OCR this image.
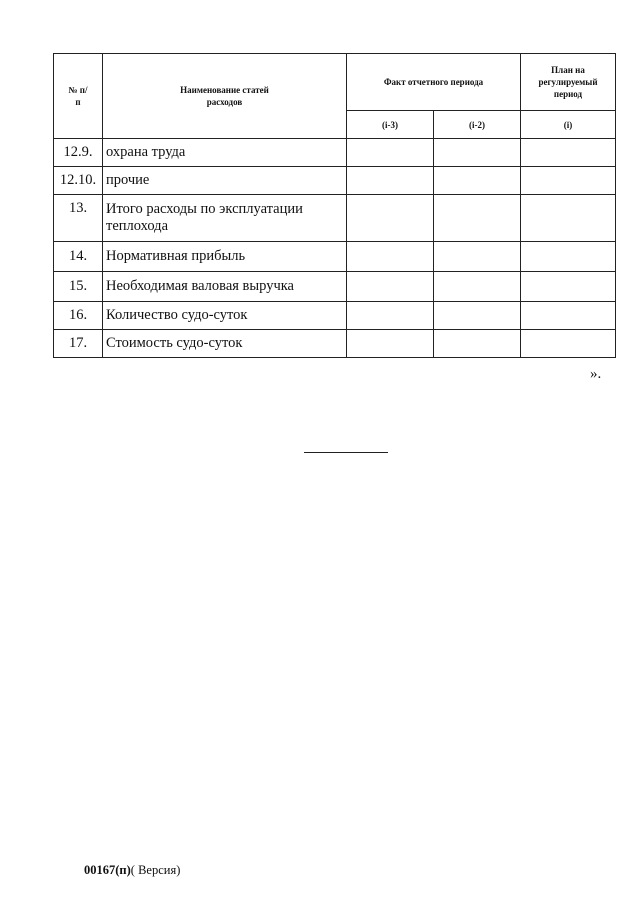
№ п/п	Наименование статей расходов	Факт отчетного периода		План на регулируемый период

		(i-3)	(i-2)	(i)
12.9.	охрана труда			
12.10.	прочие			
13.	Итого расходы по эксплуатации теплохода			
14.	Нормативная прибыль			
15.	Необходимая валовая выручка			
16.	Количество судо-суток			
17.	Стоимость судо-суток			
».
00167(п)( Версия)
